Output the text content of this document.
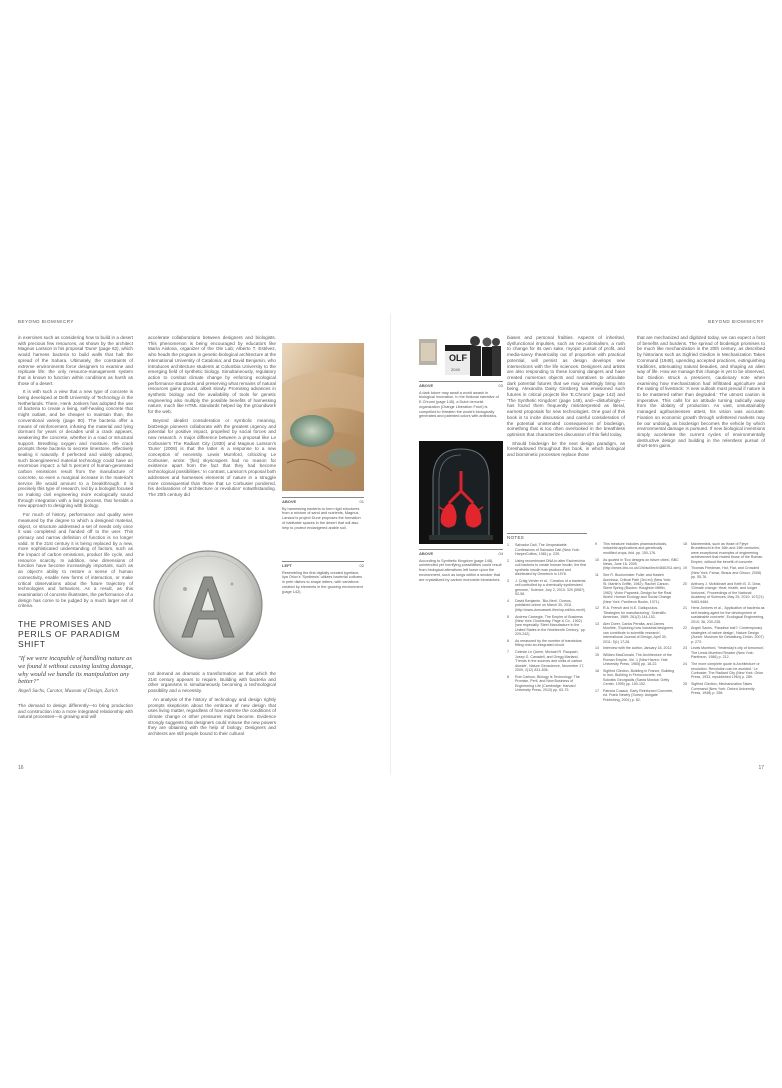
BEYOND BIOMIMICRY

in exercises such as considering how to build in a desert with precious few resources, as shown by the architect Magnus Larsson in his proposal 'Dune' (page 62), which would harness bacteria to build walls that halt the spread of the Sahara. Ultimately, the constraints of extreme environments force designers to examine and replicate life: the only resource-management system that is known to function within conditions as harsh as those of a desert.

It is with such a view that a new type of concrete is being developed at Delft University of Technology in the Netherlands. There, Henk Jonkers has adopted the use of bacteria to create a living, self-healing concrete that might outlast, and be cheaper to maintain than, the conventional variety (page 80). The bacteria offer a means of reinforcement, infusing the material and lying dormant for years or decades until a crack appears, weakening the concrete, whether in a road or structural support. Breathing oxygen and moisture, the crack prompts these bacteria to secrete limestone, effectively sealing it naturally. If perfected and widely adopted, such bioengineered material technology could have an enormous impact: a full 5 percent of human-generated carbon emissions result from the manufacture of concrete, so even a marginal increase in the material's service life would amount to a breakthrough. It is precisely this type of research, led by a biologist focused on making civil engineering more ecologically sound through integration with a living process, that heralds a new approach to designing with biology.

For much of history, performance and quality were measured by the degree to which a designed material, object, or structure addressed a set of needs only once it was completed and handed off to the user. This primacy and narrow definition of function is no longer valid. In the 21st century it is being replaced by a new, more sophisticated understanding of factors, such as the impact of carbon emissions, product life cycle, and resource scarcity. In addition, new dimensions of function have become increasingly important, such as an object's ability to restore a sense of human connectivity, enable new forms of interaction, or make critical observations about the future trajectory of technologies and behaviors. As a result, as this examination of concrete illustrates, the performance of a design has come to be judged by a much larger set of criteria.

THE PROMISES AND PERILS OF PARADIGM SHIFT
"If we were incapable of handling nature as we found it without causing lasting damage, why would we handle its manipulation any better?"
Angeli Sachs, Curator, Museum of Design, Zurich

The demand to design differently—to bring production and construction into a more integrated relationship with natural processes—is growing and will

accelerate collaborations between designers and biologists. This phenomenon is being encouraged by educators like María Aiolova, organizer of the Ole Lab; Alberto T. Estévez, who heads the program in genetic-biological architecture at the International University of Catalonia; and David Benjamin, who introduces architecture students at Columbia University to the emerging field of synthetic biology. Simultaneously, regulatory action to combat climate change by enforcing ecological performance standards and preserving what remains of natural resources gains ground, albeit slowly. Promising advances in synthetic biology and the availability of tools for genetic engineering also multiply the possible benefits of harnessing nature, much like HTML standards helped lay the groundwork for the web.

Beyond idealist consideration or symbolic meaning, bioDesign pioneers collaborate with the greatest urgency and potential for positive impact, propelled by social forces and new research. A major difference between a proposal like Le Corbusier's The Radiant City (1930) and Magnus Larsson's 'Dune' (2008) is that the latter is a response to a new conception of necessity. Lewis Mumford, criticizing Le Corbusier, wrote: '[his] skyscrapers had no reason for existence apart from the fact that they had become technological possibilities.' In contrast, Larsson's proposal both addresses and harnesses elements of nature in a struggle more consequential than those that Le Corbusier pondered, his declarations of 'architecture or revolution' notwithstanding. The 20th century did

not demand as dramatic a transformation as that which the 21st century appears to require. Building with bacteria and other organisms is simultaneously becoming a technological possibility and a necessity.

An analysis of the history of technology and design rightly prompts skepticism about the embrace of new design that uses living matter, regardless of how extreme the conditions of climate change or other pressures might become. Evidence strongly suggests that designers could misuse the new powers they are obtaining with the help of biology. Designers and architects are still people bound to their cultural

ABOVE	01
By harnessing bacteria to form rigid structures from a mixture of sand and nutrients, Magnus Larsson's project Dune proposes the formation of habitable spaces in the desert that will also help to protect endangered arable soil.
LEFT	02
Resembling the first digitally created typeface, Ilya Orlov's 'Synthesis' utilizes bacterial cultures in petri dishes to shape letters, with variations created by elements in the growing environment (page 142).
16
BEYOND BIOMIMICRY
OLF
2049
ABOVE	03
A dark future may await a world awash in biological innovation. In the fictional narrative of E.Chromi (page 145), a Dutch terrorist organization (Orange Liberation Front) is compelled to threaten the world's biologically generated and patented colors with antibiotics.
ABOVE	04
According to Synthetic Kingdom (page 148), unintended yet horrifying possibilities could result from biological alterations left loose upon the environment, such as lungs within a smoker that are crystallized by carbon monoxide bioreactors.

biases and personal frailties. Aspects of inherited, dysfunctional impulses, such as neo-colonialism, a rush to change for its own sake, myopic pursuit of profit, and media-savvy theatricality out of proportion with practical potential, will persist as design develops new intersections with the life sciences. Designers and artists are also responding to these looming dangers and have created numerous objects and narratives to articulate dark potential futures that we may unwittingly bring into being. Alexandra Daisy Ginsberg has envisioned such futures in critical projects like 'E.Chromi' (page 142) and 'The Synthetic Kingdom' (page 148), and—disturbingly—has found them frequently misinterpreted as literal, earnest proposals for new technologies. One goal of this book is to incite discussion and careful consideration of the potential unintended consequences of biodesign, something that is too often overlooked in the breathless optimism that characterizes discussion of this field today.

Should biodesign be the next design paradigm, as foreshadowed throughout this book, in which biological and biomimetic processes replace those

that are mechanized and digitized today, we can expect a host of benefits and burdens. The spread of biodesign promises to be much like mechanization in the 20th century, as described by historians such as Sigfried Giedion in Mechanization Takes Command (1948), upending accepted practices, extinguishing traditions, attenuating natural beauties, and shaping an alien way of life. How we manage this change is yet to be observed, but Giedion struck a prescient, cautionary note when examining how mechanization had infiltrated agriculture and the raising of livestock: 'A new outlook must prevail if nature is to be mastered rather than degraded.' The utmost caution is imperative. This calls for an attitude turning radically away from the idolatry of production. As vast, unsustainably managed agribusinesses attest, his vision was accurate. Fixation on economic growth through unfettered markets may be our undoing, as biodesign becomes the vehicle by which environmental damage is pursued. If new biological inventions simply accelerate the current cycles of environmentally destructive design and building in the relentless pursuit of short-term gains.

NOTES
1	Salvador Dalí, The Unspeakable Confessions of Salvador Dalí (New York: HarperCollins, 1981) p. 239.
2	Using recombinant DNA to alter Escherichia coli bacteria to create human insulin, the first synthetic insulin was produced and distributed by Genetech in 1978.
3	J. Craig Venter et al., 'Creation of a bacterial cell controlled by a chemically synthesized genome,' Science, July 2, 2010: 329 (5987), 52-56.
4	David Benjamin, 'Bio-Next', Domus, published online on March 30, 2011 (http://www.domusweb.it/en/op-ed/bio-next/).
5	Andrew Carnegie, The Empire of Business (New York: Doubleday, Page & Co., 1902) (see especially 'Steel Manufacture in the United States in the Nineteenth Century,' pp. 229-242).
6	As measured by the number of transistors fitting onto an integrated circuit.
7	Celeste Le Quere, Michael R. Raupach, Josep G. Canadell, and Gregg Marland, 'Trends in the sources and sinks of carbon dioxide', Nature Geoscience, November 17, 2009, 2(12) 831-836.
8	Rob Carlson, Biology Is Technology: The Promise, Peril, and New Business of Engineering Life (Cambridge: Harvard University Press, 2010) pp. 63-79.
9	This measure includes pharmaceuticals, industrial applications and genetically modified crops, ibid. pp. 150-176.
10	As quoted in 'Eco designs on future cities', BBC News, June 16, 2005 (http://news.bbc.co.uk/1/hi/sci/tech/4681911.stm).
11	See R. Buckminster Fuller and Hasieh Aunnissa, Critical Path (3rd ed) (New York: St. Martin's Griffin, 1982); Rachel Carson, Silent Spring (Boston: Houghton Mifflin, 1962); Victor Papanek, Design for the Real World: Human Ecology and Social Change (New York: Pantheon Books, 1971).
12	R.A. French and N.E. Gallopoulos, 'Strategies for manufacturing', Scientific American, 1989: 261(3) 144-152.
13	Alex Dorer, Carlos Peralta, and James Moultrie, 'Exploring how industrial designers can contribute to scientific research', International Journal of Design, April 30, 2011: 5(1) 17-28.
14	Interview with the author, January 18, 2012.
15	William MacDonald, The Architecture of the Roman Empire, Vol. 1 (New Haven: Yale University Press, 1965) pp. 18-22.
16	Sigfried Giedion, Building in France, Building in Iron, Building in Ferroconcrete, ed. Sokratis Georgiadis (Santa Monica: Getty Center, 1995) pp. 150-152.
17	Patricia Cusack, Early Reinforced Concrete, ed. Frank Newby (Surrey: Ashgate Publishing, 2001) p. 82.
18	Maxtremists, such as those of Fjeye Brunelleschi in the 16th and 19th centuries, were exceptional examples of engineering achievement that rivaled those of the Roman Empire, without the benefit of concrete.
19	Thomas Friedman, Hot, Flat, and Crowded (New York: Farrar, Straus and Giroux, 2008) pp. 55-76.
20	Anthony J. McMichael and Keith B. G. Dear, 'Climate change: Heat, health, and longer horizons', Proceedings of the National Academy of Sciences, May 25, 2010: 107(21) 9483-9484.
21	Henk Jonkers et al., 'Application of bacteria as self-healing agent for the development of sustainable concrete', Ecological Engineering, 2010: 36, 230-235.
22	Angeli Sachs, 'Paradise lost?: Contemporary strategies of nature design', Nature Design (Zurich: Museum für Gestaltung Zürich, 2007) p. 273.
23	Lewis Mumford, 'Yesterday's city of tomorrow', The Lewis Mumford Reader (New York: Pantheon, 1986) p. 212.
24	The more complete quote is Architecture or revolution. Revolution can be avoided.' Le Corbusier, The Radiant City (New York: Orion Press, 1933, republished 1964) p. 289.
25	Sigfried Giedion, Mechanization Takes Command (New York: Oxford University Press, 1948) p. 256.
17
